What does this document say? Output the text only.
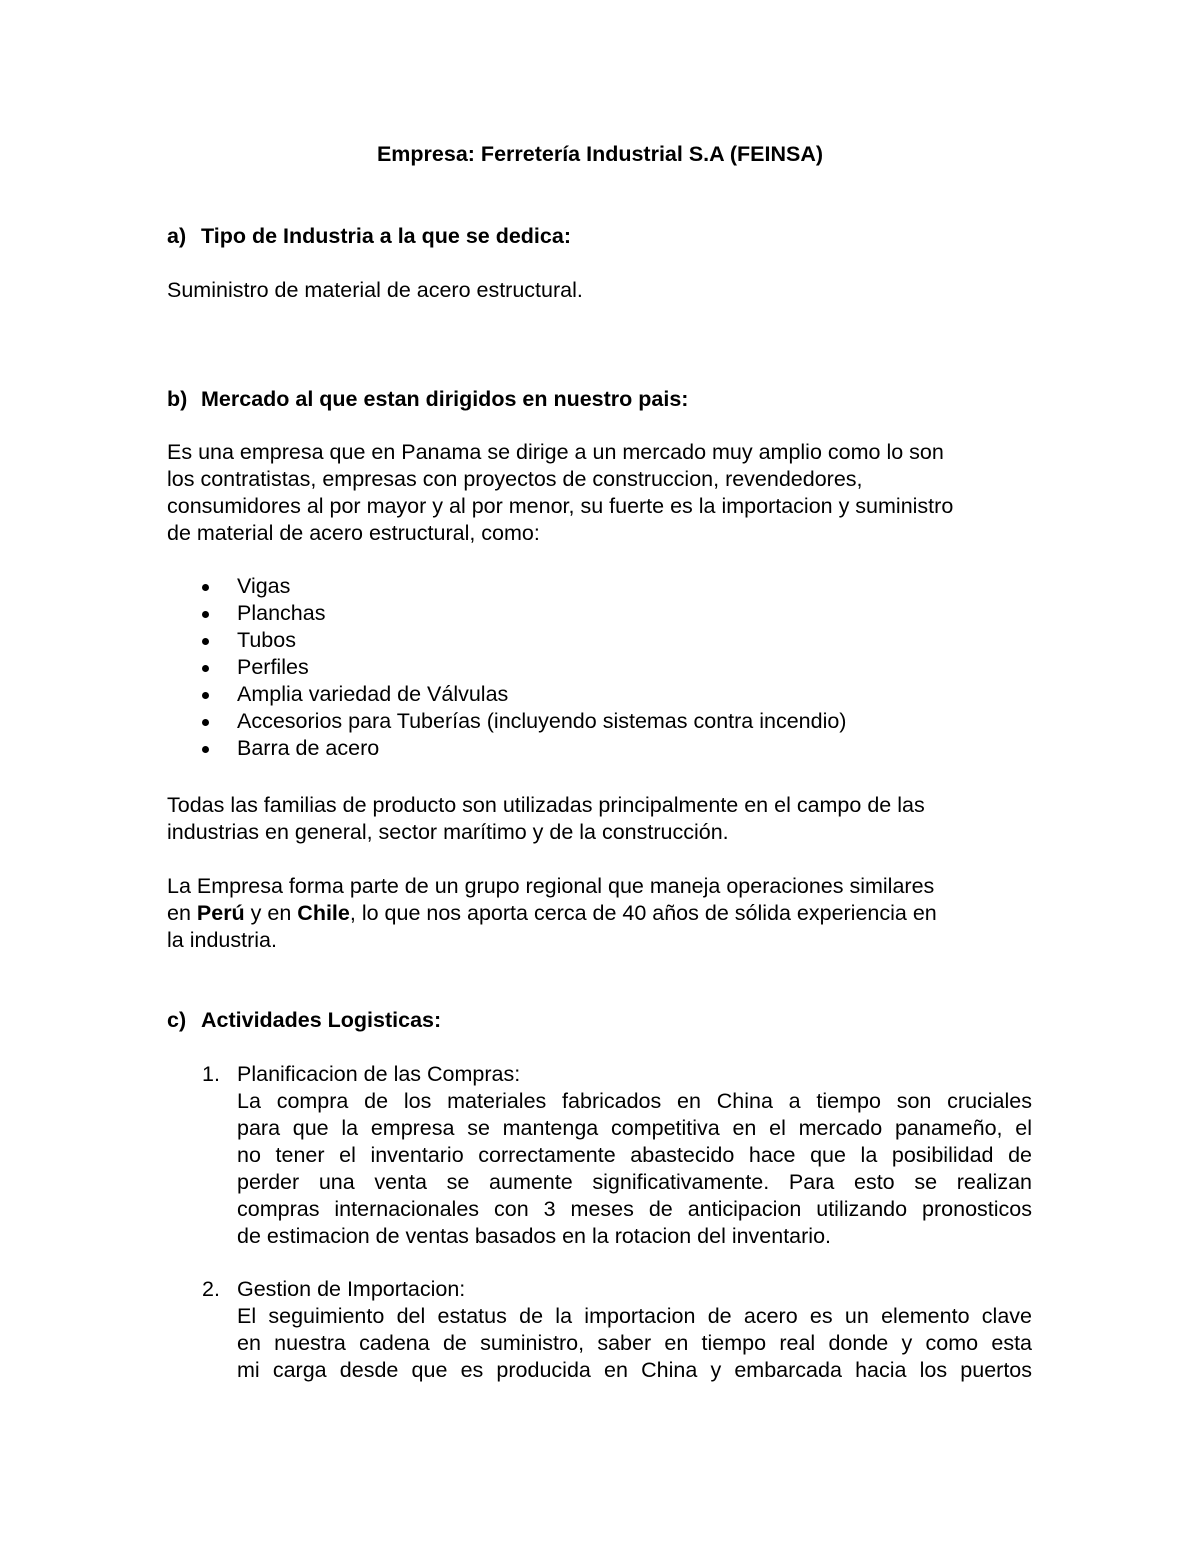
Empresa: Ferretería Industrial S.A (FEINSA)
a) Tipo de Industria a la que se dedica:
Suministro de material de acero estructural.
b) Mercado al que estan dirigidos en nuestro pais:
Es una empresa que en Panama se dirige a un mercado muy amplio como lo son
los contratistas, empresas con proyectos de construccion, revendedores,
consumidores al por mayor y al por menor, su fuerte es la importacion y suministro
de material de acero estructural, como:
Vigas
Planchas
Tubos
Perfiles
Amplia variedad de Válvulas
Accesorios para Tuberías (incluyendo sistemas contra incendio)
Barra de acero
Todas las familias de producto son utilizadas principalmente en el campo de las
industrias en general, sector marítimo y de la construcción.
La Empresa forma parte de un grupo regional que maneja operaciones similares
en Perú y en Chile, lo que nos aporta cerca de 40 años de sólida experiencia en
la industria.
c) Actividades Logisticas:
1. Planificacion de las Compras:
La compra de los materiales fabricados en China a tiempo son cruciales
para que la empresa se mantenga competitiva en el mercado panameño, el
no tener el inventario correctamente abastecido hace que la posibilidad de
perder una venta se aumente significativamente. Para esto se realizan
compras internacionales con 3 meses de anticipacion utilizando pronosticos
de estimacion de ventas basados en la rotacion del inventario.
2. Gestion de Importacion:
El seguimiento del estatus de la importacion de acero es un elemento clave
en nuestra cadena de suministro, saber en tiempo real donde y como esta
mi carga desde que es producida en China y embarcada hacia los puertos
